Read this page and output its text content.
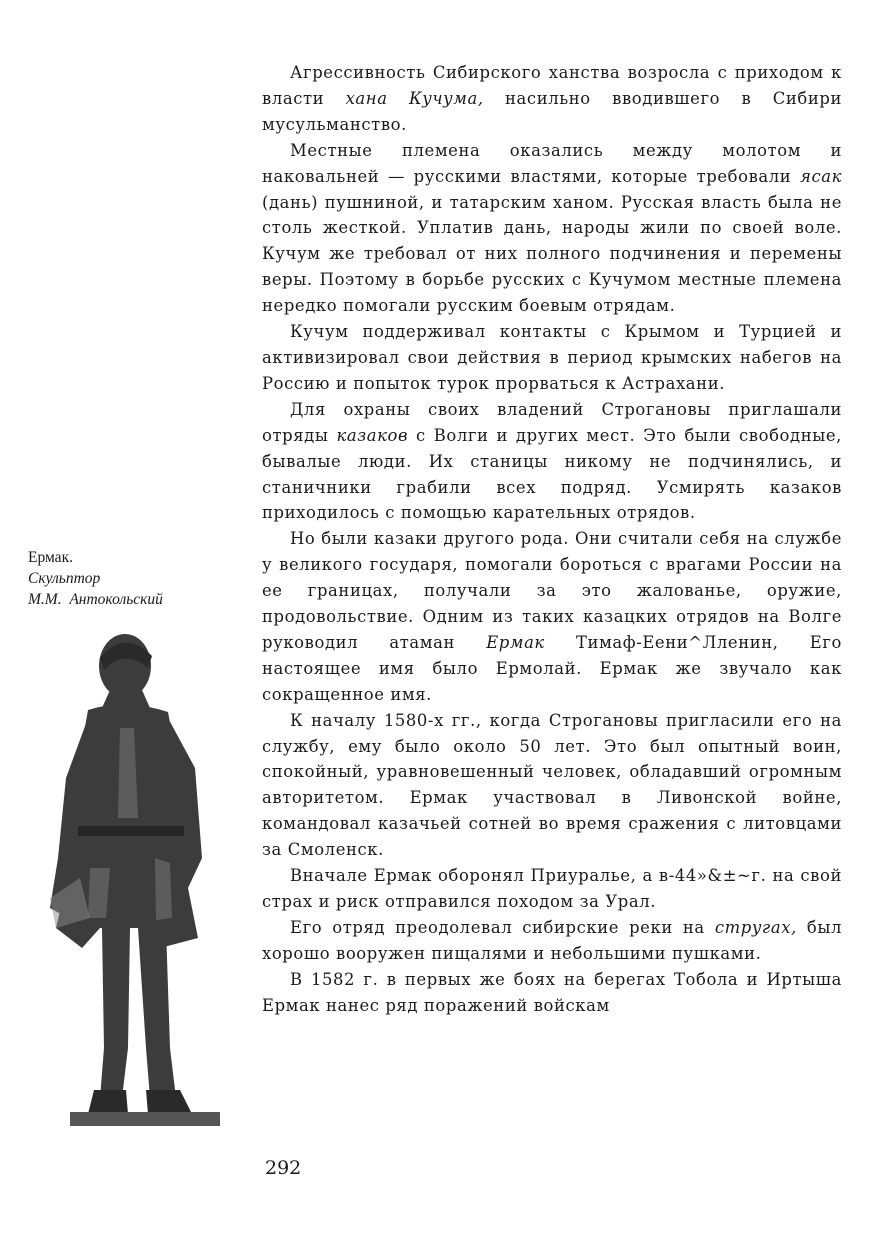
Ермак.
Скульптор
М.М.  Антокольский

Агрессивность Сибирского ханства возросла с приходом к власти хана Кучума, насильно вводившего в Сибири мусульманство.

Местные племена оказались между молотом и наковальней — русскими властями, которые требовали ясак (дань) пушниной, и татарским ханом. Русская власть была не столь жесткой. Уплатив дань, народы жили по своей воле. Кучум же требовал от них полного подчинения и перемены веры. Поэтому в борьбе русских с Кучумом местные племена нередко помогали русским боевым отрядам.

Кучум поддерживал контакты с Крымом и Турцией и активизировал свои действия в период крымских набегов на Россию и попыток турок прорваться к Астрахани.

Для охраны своих владений Строгановы приглашали отряды казаков с Волги и других мест. Это были свободные, бывалые люди. Их станицы никому не подчинялись, и станичники грабили всех подряд. Усмирять казаков приходилось с помощью карательных отрядов.

Но были казаки другого рода. Они считали себя на службе у великого государя, помогали бороться с врагами России на ее границах, получали за это жалованье, оружие, продовольствие. Одним из таких казацких отрядов на Волге руководил атаман Ермак Тимаф-Еени^Лленин, Его настоящее имя было Ермолай. Ермак же звучало как сокращенное имя.

К началу 1580-х гг., когда Строгановы пригласили его на службу, ему было около 50 лет. Это был опытный воин, спокойный, уравновешенный человек, обладавший огромным авторитетом. Ермак участвовал в Ливонской войне, командовал казачьей сотней во время сражения с литовцами за Смоленск.

Вначале Ермак оборонял Приуралье, а в-44»&±~г. на свой страх и риск отправился походом за Урал.

Его отряд преодолевал сибирские реки на стругах, был хорошо вооружен пищалями и небольшими пушками.

В 1582 г. в первых же боях на берегах Тобола и Иртыша Ермак нанес ряд поражений войскам

292
